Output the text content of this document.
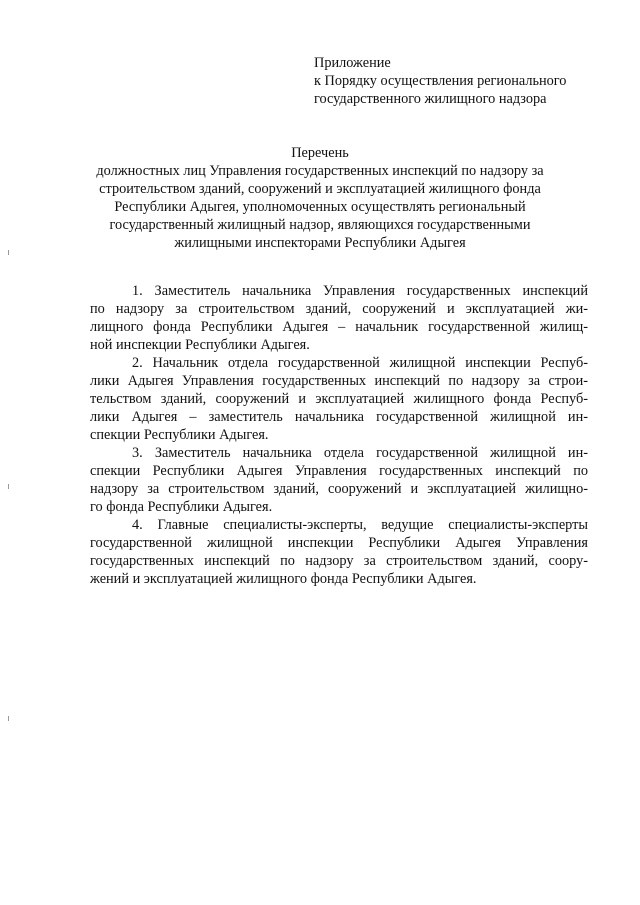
Приложение
к Порядку осуществления регионального
государственного жилищного надзора
Перечень
должностных лиц Управления государственных инспекций по надзору за
строительством зданий, сооружений и эксплуатацией жилищного фонда
Республики Адыгея, уполномоченных осуществлять региональный
государственный жилищный надзор, являющихся государственными
жилищными инспекторами Республики Адыгея

1. Заместитель начальника Управления государственных инспекций
по надзору за строительством зданий, сооружений и эксплуатацией жи-
лищного фонда Республики Адыгея – начальник государственной жилищ-
ной инспекции Республики Адыгея.

2. Начальник отдела государственной жилищной инспекции Респуб-
лики Адыгея Управления государственных инспекций по надзору за строи-
тельством зданий, сооружений и эксплуатацией жилищного фонда Респуб-
лики Адыгея – заместитель начальника государственной жилищной ин-
спекции Республики Адыгея.

3. Заместитель начальника отдела государственной жилищной ин-
спекции Республики Адыгея Управления государственных инспекций по
надзору за строительством зданий, сооружений и эксплуатацией жилищно-
го фонда Республики Адыгея.

4. Главные специалисты-эксперты, ведущие специалисты-эксперты
государственной жилищной инспекции Республики Адыгея Управления
государственных инспекций по надзору за строительством зданий, соору-
жений и эксплуатацией жилищного фонда Республики Адыгея.
